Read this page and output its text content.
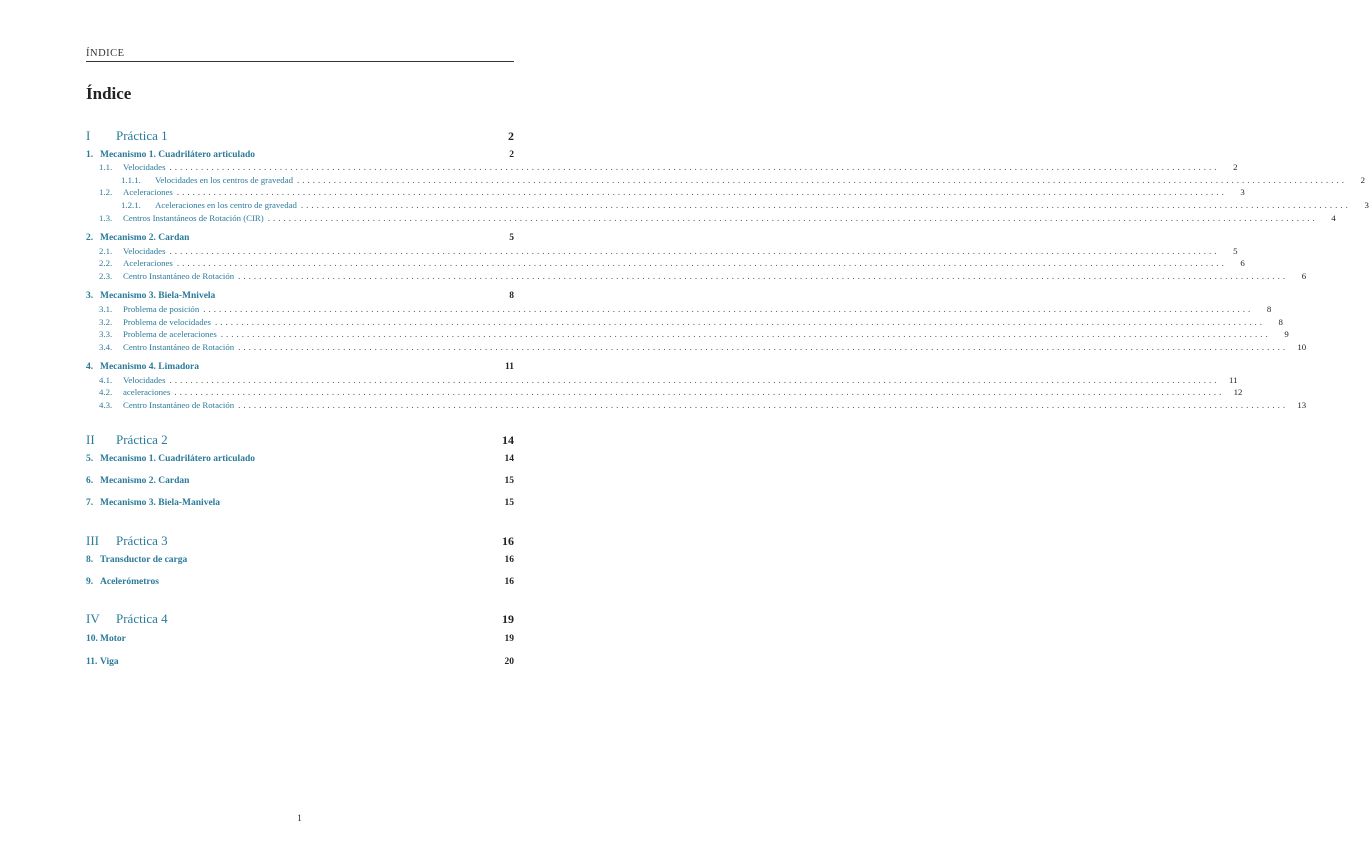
ÍNDICE
Índice
I	Práctica 1	2
1. Mecanismo 1. Cuadrilátero articulado	2
1.1.	Velocidades ........................................................................................................................................................................................................	2
1.1.1.	Velocidades en los centros de gravedad ........................................................................................................................................................................................................	2
1.2.	Aceleraciones ........................................................................................................................................................................................................	3
1.2.1.	Aceleraciones en los centro de gravedad ........................................................................................................................................................................................................	3
1.3.	Centros Instantáneos de Rotación (CIR) ........................................................................................................................................................................................................	4
2. Mecanismo 2. Cardan	5
2.1.	Velocidades ........................................................................................................................................................................................................	5
2.2.	Aceleraciones ........................................................................................................................................................................................................	6
2.3.	Centro Instantáneo de Rotación ........................................................................................................................................................................................................	6
3. Mecanismo 3. Biela-Mnivela	8
3.1.	Problema de posición ........................................................................................................................................................................................................	8
3.2.	Problema de velocidades ........................................................................................................................................................................................................	8
3.3.	Problema de aceleraciones ........................................................................................................................................................................................................	9
3.4.	Centro Instantáneo de Rotación ........................................................................................................................................................................................................	10
4. Mecanismo 4. Limadora	11
4.1.	Velocidades ........................................................................................................................................................................................................	11
4.2.	aceleraciones ........................................................................................................................................................................................................	12
4.3.	Centro Instantáneo de Rotación ........................................................................................................................................................................................................	13
II	Práctica 2	14
5. Mecanismo 1. Cuadrilátero articulado	14
6. Mecanismo 2. Cardan	15
7. Mecanismo 3. Biela-Manivela	15
III	Práctica 3	16
8. Transductor de carga	16
9. Acelerómetros	16
IV	Práctica 4	19
10. Motor	19
11. Viga	20
1
